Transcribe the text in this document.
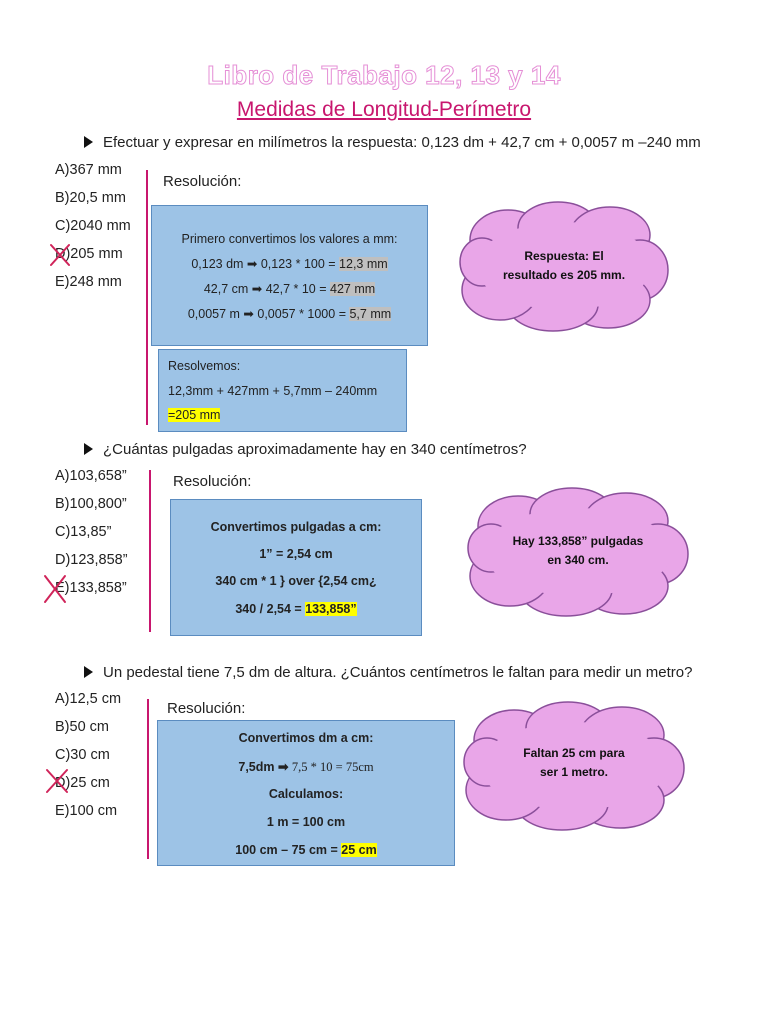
Libro de Trabajo 12, 13 y 14
Medidas de Longitud-Perímetro
Efectuar y expresar en milímetros la respuesta: 0,123 dm + 42,7 cm + 0,0057 m –240 mm
A)367 mm
B)20,5 mm
C)2040 mm
D)205 mm
E)248 mm
Resolución:
Primero convertimos los valores a mm:
0,123 dm ➡ 0,123 * 100 = 12,3 mm
42,7 cm ➡ 42,7 * 10 = 427 mm
0,0057 m ➡ 0,0057 * 1000 = 5,7 mm
Resolvemos:
12,3mm + 427mm + 5,7mm – 240mm
=205 mm
Respuesta: El
resultado es 205 mm.
¿Cuántas pulgadas aproximadamente hay en 340 centímetros?
A)103,658”
B)100,800”
C)13,85”
D)123,858”
E)133,858”
Resolución:
Convertimos pulgadas a cm:
1” = 2,54 cm
340 cm * 1 } over {2,54 cm¿
340 / 2,54 = 133,858”
Hay 133,858” pulgadas
en 340 cm.
Un pedestal tiene 7,5 dm de altura. ¿Cuántos centímetros le faltan para medir un metro?
A)12,5 cm
B)50 cm
C)30 cm
D)25 cm
E)100 cm
Resolución:
Convertimos dm a cm:
7,5dm ➡ 7,5 * 10 = 75cm
Calculamos:
1 m = 100 cm
100 cm – 75 cm = 25 cm
Faltan 25 cm para
ser 1 metro.
